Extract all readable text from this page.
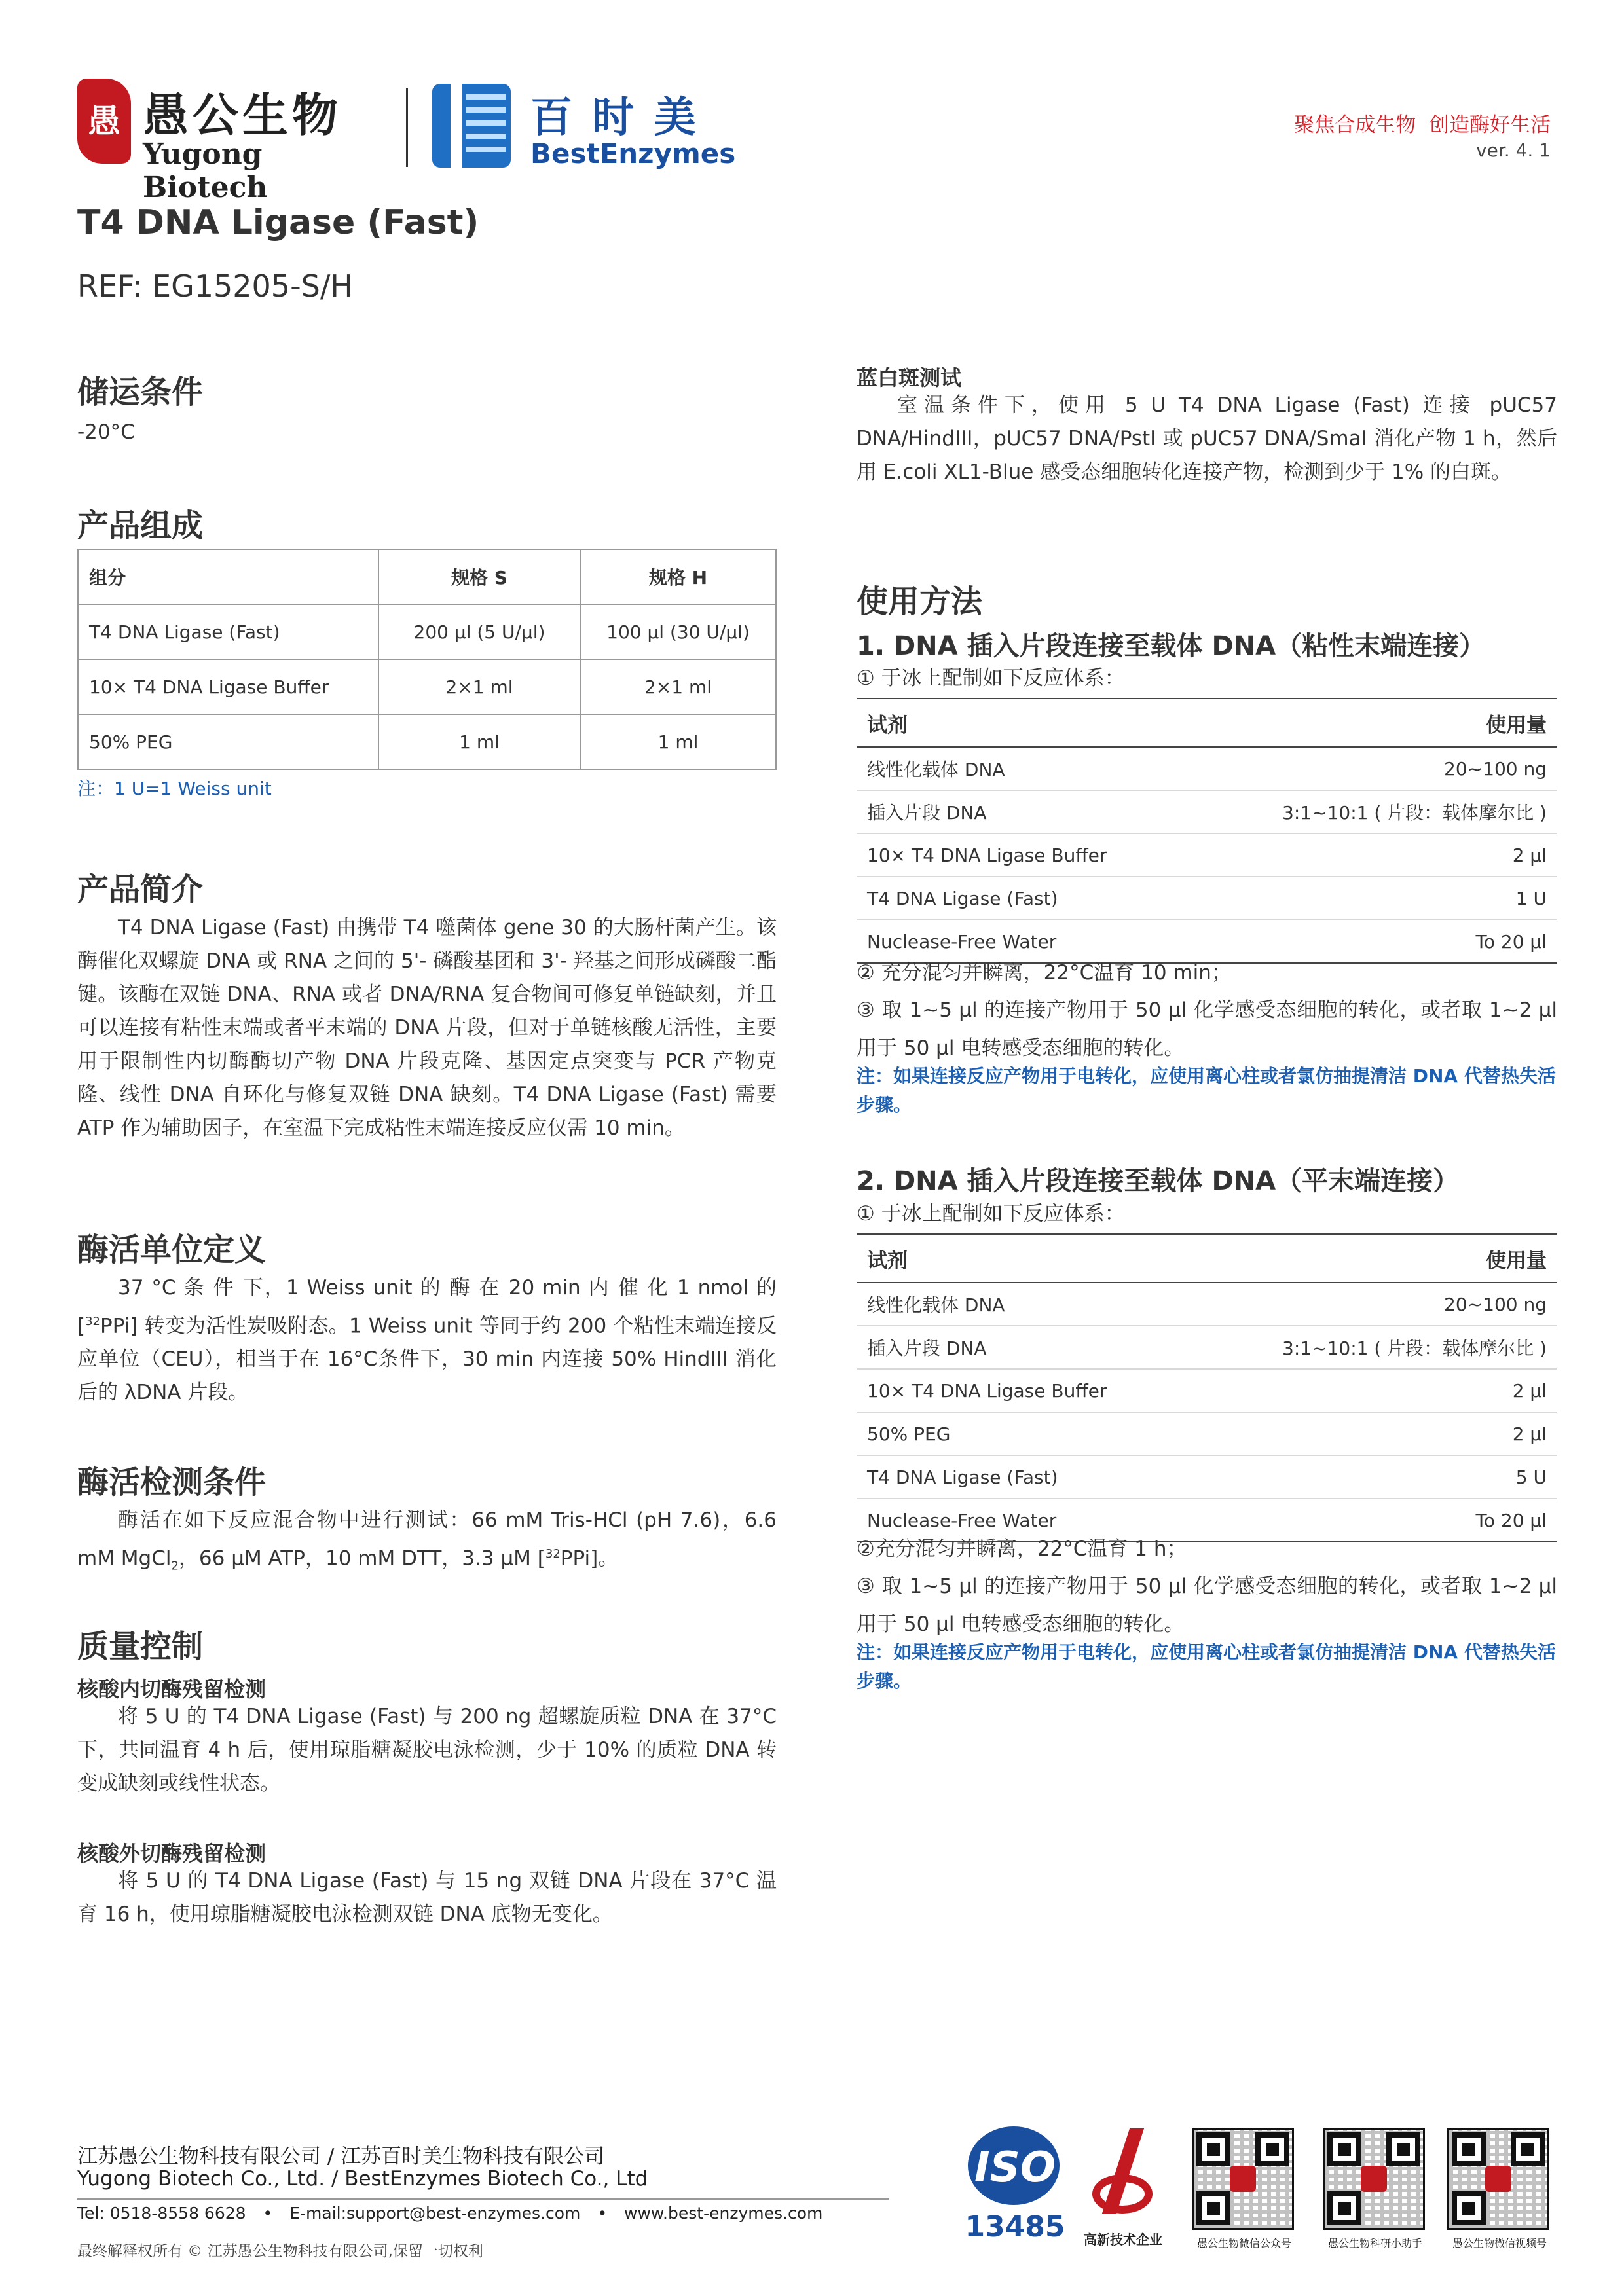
愚 愚公生物
Yugong Biotech
百 时 美
BestEnzymes
聚焦合成生物  创造酶好生活
ver. 4. 1
T4 DNA Ligase (Fast)
REF: EG15205-S/H
储运条件
-20°C
产品组成
组分	规格 S	规格 H
T4 DNA Ligase (Fast)	200 μl (5 U/μl)	100 μl (30 U/μl)
10× T4 DNA Ligase Buffer	2×1 ml	2×1 ml
50% PEG	1 ml	1 ml
注：1 U=1 Weiss unit
产品简介

T4 DNA Ligase (Fast) 由携带 T4 噬菌体 gene 30 的大肠杆菌产生。该酶催化双螺旋 DNA 或 RNA 之间的 5'- 磷酸基团和 3'- 羟基之间形成磷酸二酯键。该酶在双链 DNA、RNA 或者 DNA/RNA 复合物间可修复单链缺刻，并且可以连接有粘性末端或者平末端的 DNA 片段，但对于单链核酸无活性，主要用于限制性内切酶酶切产物 DNA 片段克隆、基因定点突变与 PCR 产物克隆、线性 DNA 自环化与修复双链 DNA 缺刻。T4 DNA Ligase (Fast) 需要 ATP 作为辅助因子，在室温下完成粘性末端连接反应仅需 10 min。

酶活单位定义

37 °C 条 件 下，1 Weiss unit 的 酶 在 20 min 内 催 化 1 nmol 的 [$^{32}$PPi] 转变为活性炭吸附态。1 Weiss unit 等同于约 200 个粘性末端连接反应单位（CEU），相当于在 16°C条件下，30 min 内连接 50% HindIII 消化后的 λDNA 片段。

酶活检测条件

酶活在如下反应混合物中进行测试：66 mM Tris-HCl (pH 7.6)，6.6 mM MgCl$_2$，66 μM ATP，10 mM DTT，3.3 μM [$^{32}$PPi]。

质量控制
核酸内切酶残留检测

将 5 U 的 T4 DNA Ligase (Fast) 与 200 ng 超螺旋质粒 DNA 在 37°C下，共同温育 4 h 后，使用琼脂糖凝胶电泳检测，少于 10% 的质粒 DNA 转变成缺刻或线性状态。

核酸外切酶残留检测

将 5 U 的 T4 DNA Ligase (Fast) 与 15 ng 双链 DNA 片段在 37°C 温育 16 h，使用琼脂糖凝胶电泳检测双链 DNA 底物无变化。

蓝白斑测试

室温条件下，使用 5 U T4 DNA Ligase (Fast) 连接 pUC57 DNA/HindIII，pUC57 DNA/PstI 或 pUC57 DNA/SmaI 消化产物 1 h，然后用 E.coli XL1-Blue 感受态细胞转化连接产物，检测到少于 1% 的白斑。

使用方法
1. DNA 插入片段连接至载体 DNA（粘性末端连接）
① 于冰上配制如下反应体系：
试剂	使用量
线性化载体 DNA	20~100 ng
插入片段 DNA	3:1~10:1 ( 片段：载体摩尔比 )
10× T4 DNA Ligase Buffer	2 μl
T4 DNA Ligase (Fast)	1 U
Nuclease-Free Water	To 20 μl
② 充分混匀并瞬离，22°C温育 10 min；
③ 取 1~5 μl 的连接产物用于 50 μl 化学感受态细胞的转化，或者取 1~2 μl 用于 50 μl 电转感受态细胞的转化。
注：如果连接反应产物用于电转化，应使用离心柱或者氯仿抽提清洁 DNA 代替热失活步骤。
2. DNA 插入片段连接至载体 DNA（平末端连接）
① 于冰上配制如下反应体系：
试剂	使用量
线性化载体 DNA	20~100 ng
插入片段 DNA	3:1~10:1 ( 片段：载体摩尔比 )
10× T4 DNA Ligase Buffer	2 μl
50% PEG	2 μl
T4 DNA Ligase (Fast)	5 U
Nuclease-Free Water	To 20 μl
②充分混匀并瞬离，22°C温育 1 h；
③ 取 1~5 μl 的连接产物用于 50 μl 化学感受态细胞的转化，或者取 1~2 μl 用于 50 μl 电转感受态细胞的转化。
注：如果连接反应产物用于电转化，应使用离心柱或者氯仿抽提清洁 DNA 代替热失活步骤。
江苏愚公生物科技有限公司 / 江苏百时美生物科技有限公司
Yugong Biotech Co., Ltd. / BestEnzymes Biotech Co., Ltd
Tel: 0518-8558 6628 • E-mail:support@best-enzymes.com • www.best-enzymes.com
最终解释权所有 © 江苏愚公生物科技有限公司,保留一切权利
ISO
13485	高新技术企业	愚公生物微信公众号	愚公生物科研小助手	愚公生物微信视频号
